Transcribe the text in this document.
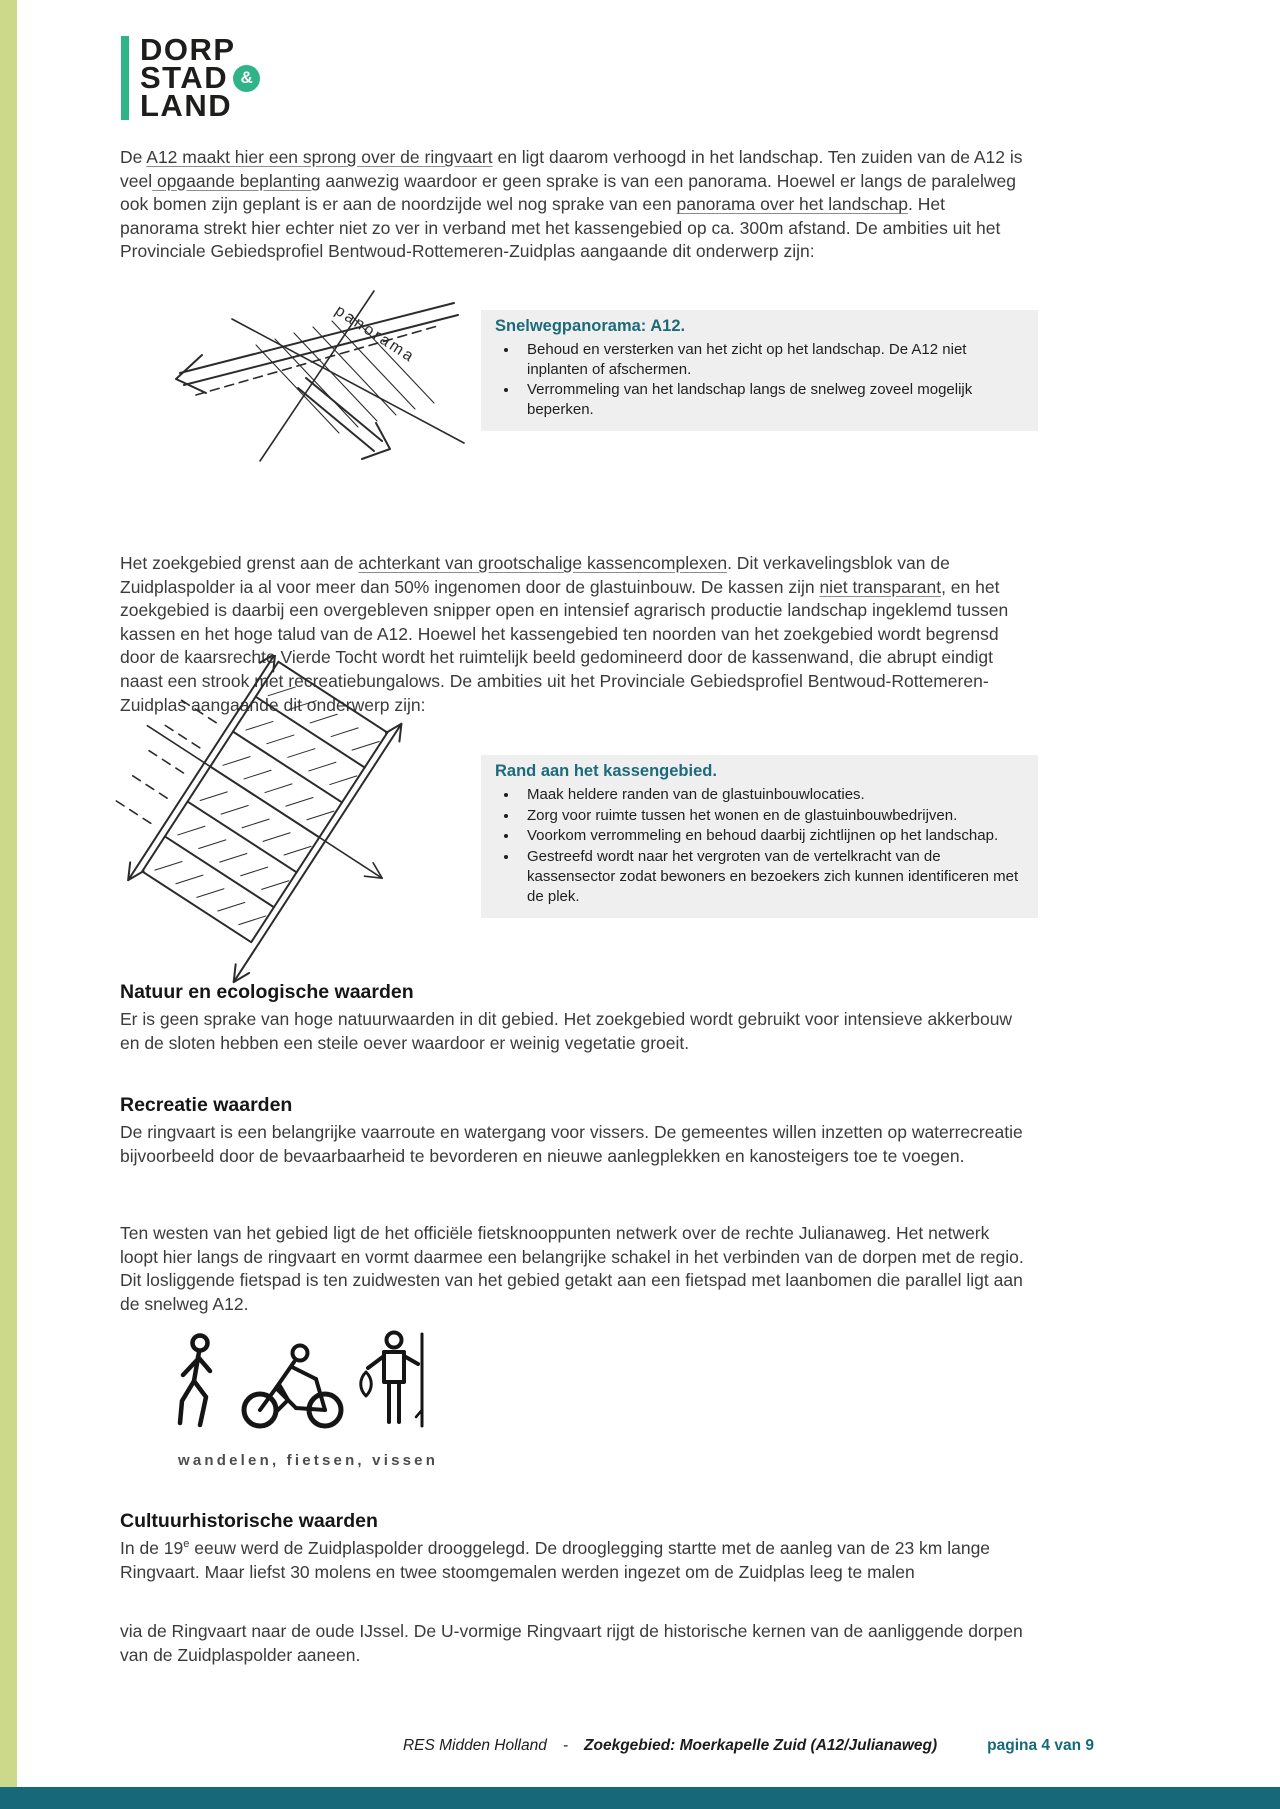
DORP
STAD &
LAND

De A12 maakt hier een sprong over de ringvaart en ligt daarom verhoogd in het landschap. Ten zuiden van de A12 is veel opgaande beplanting aanwezig waardoor er geen sprake is van een panorama. Hoewel er langs de paralelweg ook bomen zijn geplant is er aan de noordzijde wel nog sprake van een panorama over het landschap. Het panorama strekt hier echter niet zo ver in verband met het kassengebied op ca. 300m afstand. De ambities uit het Provinciale Gebiedsprofiel Bentwoud-Rottemeren-Zuidplas aangaande dit onderwerp zijn:

panorama	Snelwegpanorama: A12.
• Behoud en versterken van het zicht op het landschap. De A12 niet inplanten of afschermen.
• Verrommeling van het landschap langs de snelweg zoveel mogelijk beperken.

Het zoekgebied grenst aan de achterkant van grootschalige kassencomplexen. Dit verkavelingsblok van de Zuidplaspolder ia al voor meer dan 50% ingenomen door de glastuinbouw. De kassen zijn niet transparant, en het zoekgebied is daarbij een overgebleven snipper open en intensief agrarisch productie landschap ingeklemd tussen kassen en het hoge talud van de A12. Hoewel het kassengebied ten noorden van het zoekgebied wordt begrensd door de kaarsrechte Vierde Tocht wordt het ruimtelijk beeld gedomineerd door de kassenwand, die abrupt eindigt naast een strook met recreatiebungalows. De ambities uit het Provinciale Gebiedsprofiel Bentwoud-Rottemeren-Zuidplas aangaande dit onderwerp zijn:

Rand aan het kassengebied.
• Maak heldere randen van de glastuinbouwlocaties.
• Zorg voor ruimte tussen het wonen en de glastuinbouwbedrijven.
• Voorkom verrommeling en behoud daarbij zichtlijnen op het landschap.
• Gestreefd wordt naar het vergroten van de vertelkracht van de kassensector zodat bewoners en bezoekers zich kunnen identificeren met de plek.
Natuur en ecologische waarden

Er is geen sprake van hoge natuurwaarden in dit gebied. Het zoekgebied wordt gebruikt voor intensieve akkerbouw en de sloten hebben een steile oever waardoor er weinig vegetatie groeit.

Recreatie waarden

De ringvaart is een belangrijke vaarroute en watergang voor vissers. De gemeentes willen inzetten op waterrecreatie bijvoorbeeld door de bevaarbaarheid te bevorderen en nieuwe aanlegplekken en kanosteigers toe te voegen.

Ten westen van het gebied ligt de het officiële fietsknooppunten netwerk over de rechte Julianaweg. Het netwerk loopt hier langs de ringvaart en vormt daarmee een belangrijke schakel in het verbinden van de dorpen met de regio. Dit losliggende fietspad is ten zuidwesten van het gebied getakt aan een fietspad met laanbomen die parallel ligt aan de snelweg A12.

wandelen, fietsen, vissen
Cultuurhistorische waarden

In de 19e eeuw werd de Zuidplaspolder drooggelegd. De drooglegging startte met de aanleg van de 23 km lange Ringvaart. Maar liefst 30 molens en twee stoomgemalen werden ingezet om de Zuidplas leeg te malen

via de Ringvaart naar de oude IJssel. De U-vormige Ringvaart rijgt de historische kernen van de aanliggende dorpen van de Zuidplaspolder aaneen.

RES Midden Holland - Zoekgebied: Moerkapelle Zuid (A12/Julianaweg)	pagina 4 van 9
